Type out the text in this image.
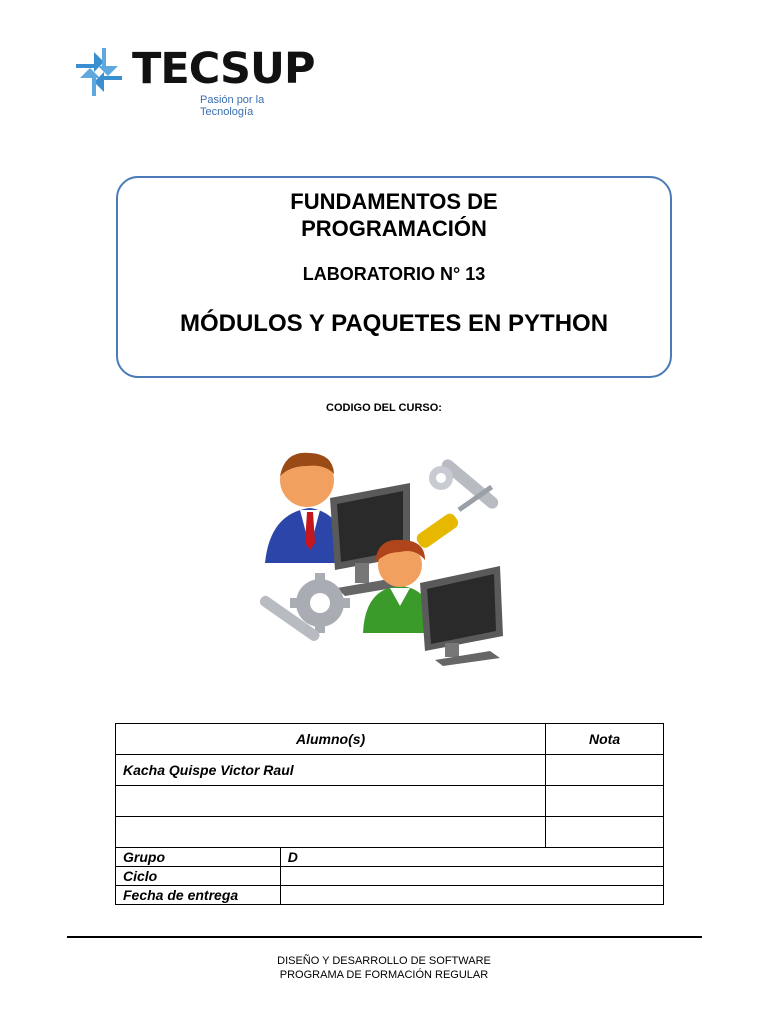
TECSUP
Pasión por la Tecnología
FUNDAMENTOS DE
PROGRAMACIÓN
LABORATORIO N° 13
MÓDULOS Y PAQUETES EN PYTHON
CODIGO DEL CURSO:
Alumno(s)		Nota
Kacha Quispe Victor Raul		

Grupo	D	
Ciclo		
Fecha de entrega		
DISEÑO Y DESARROLLO DE SOFTWARE
PROGRAMA DE FORMACIÓN REGULAR
